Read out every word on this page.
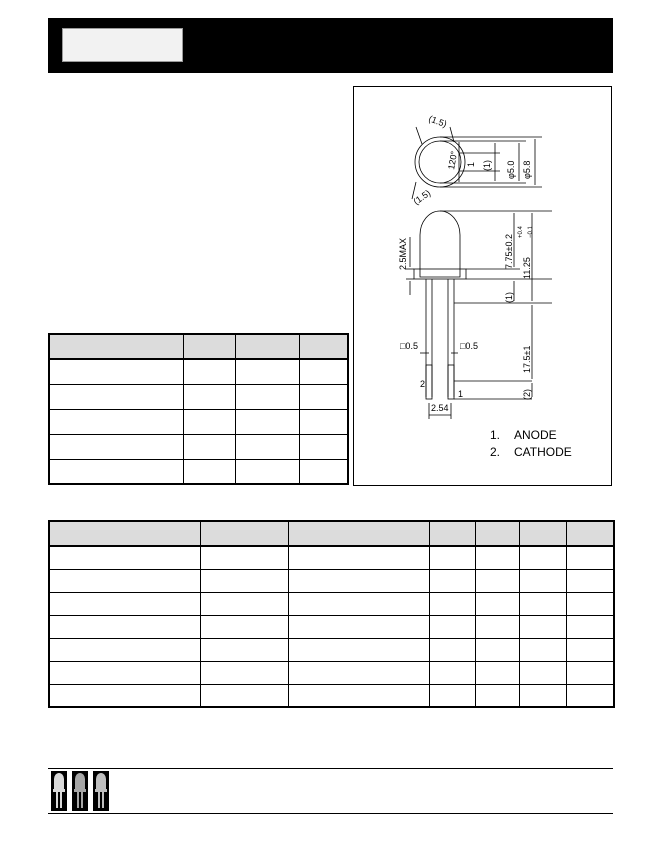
(1.5)
(1.5)
120° 1 (1) φ5.0 φ5.8
2.5MAX	7.75±0.2 11.25
+0.4 −0.1
(1)
17.5±1
(2)
□0.5	□0.5
2
1
2.54
1. ANODE
2. CATHODE
